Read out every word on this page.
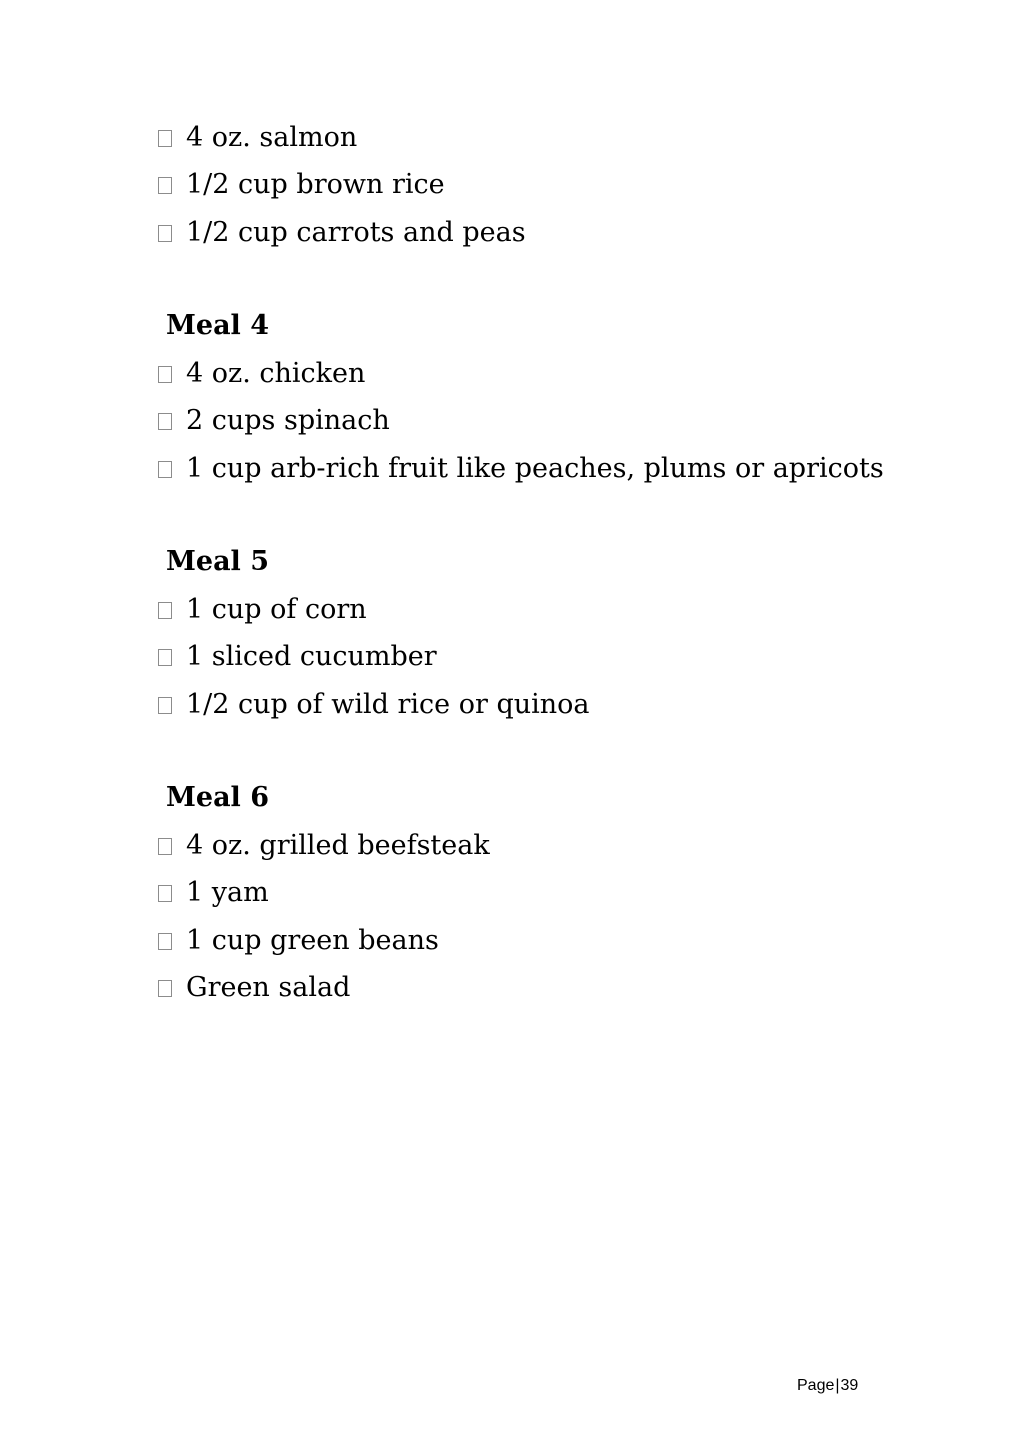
4 oz. salmon
1/2 cup brown rice
1/2 cup carrots and peas
Meal 4
4 oz. chicken
2 cups spinach
1 cup arb-rich fruit like peaches, plums or apricots
Meal 5
1 cup of corn
1 sliced cucumber
1/2 cup of wild rice or quinoa
Meal 6
4 oz. grilled beefsteak
1 yam
1 cup green beans
Green salad
Page|39
